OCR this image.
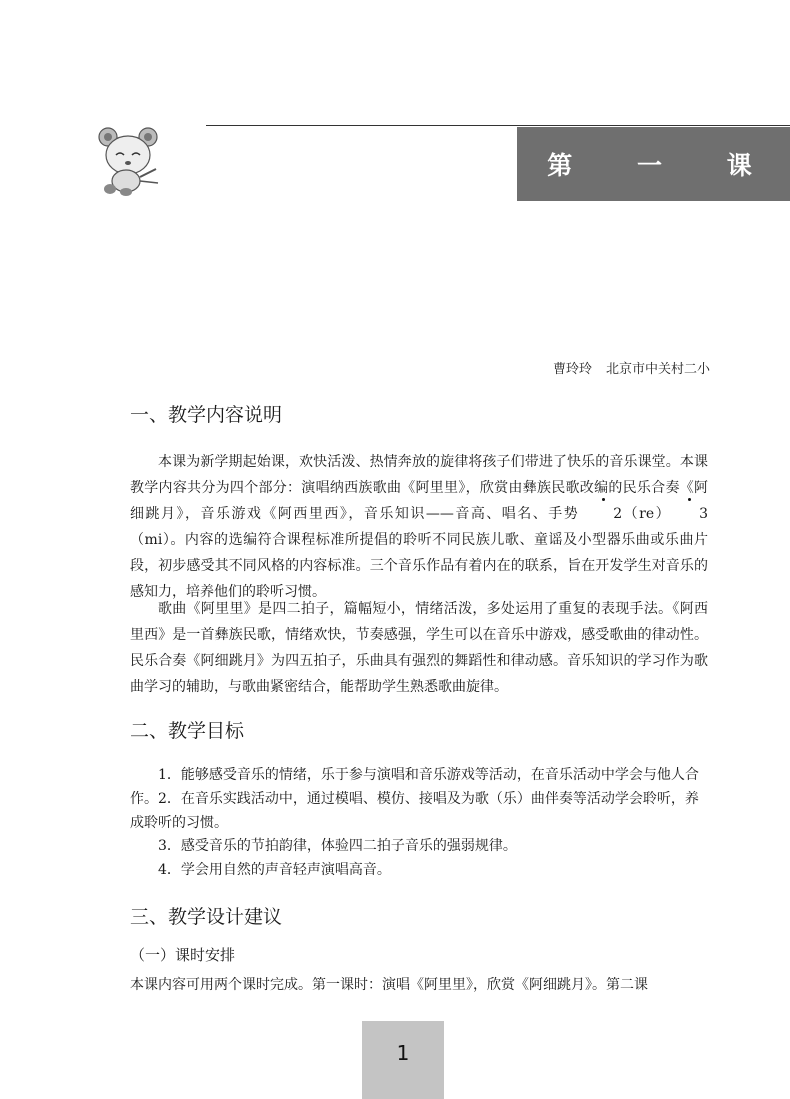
第 一 课
曹玲玲 北京市中关村二小
一、教学内容说明

本课为新学期起始课，欢快活泼、热情奔放的旋律将孩子们带进了快乐的音乐课堂。本课教学内容共分为四个部分：演唱纳西族歌曲《阿里里》，欣赏由彝族民歌改编的民乐合奏《阿细跳月》，音乐游戏《阿西里西》，音乐知识——音高、唱名、手势 2（re） 3（mi）。内容的选编符合课程标准所提倡的聆听不同民族儿歌、童谣及小型器乐曲或乐曲片段，初步感受其不同风格的内容标准。三个音乐作品有着内在的联系，旨在开发学生对音乐的感知力，培养他们的聆听习惯。

歌曲《阿里里》是四二拍子，篇幅短小，情绪活泼，多处运用了重复的表现手法。《阿西里西》是一首彝族民歌，情绪欢快，节奏感强，学生可以在音乐中游戏，感受歌曲的律动性。民乐合奏《阿细跳月》为四五拍子，乐曲具有强烈的舞蹈性和律动感。音乐知识的学习作为歌曲学习的辅助，与歌曲紧密结合，能帮助学生熟悉歌曲旋律。

二、教学目标

1．能够感受音乐的情绪，乐于参与演唱和音乐游戏等活动，在音乐活动中学会与他人合作。 2．在音乐实践活动中，通过模唱、模仿、接唱及为歌（乐）曲伴奏等活动学会聆听，养成聆听的习惯。

3．感受音乐的节拍韵律，体验四二拍子音乐的强弱规律。

4．学会用自然的声音轻声演唱高音。

三、教学设计建议
（一）课时安排

本课内容可用两个课时完成。第一课时：演唱《阿里里》，欣赏《阿细跳月》。第二课

1
